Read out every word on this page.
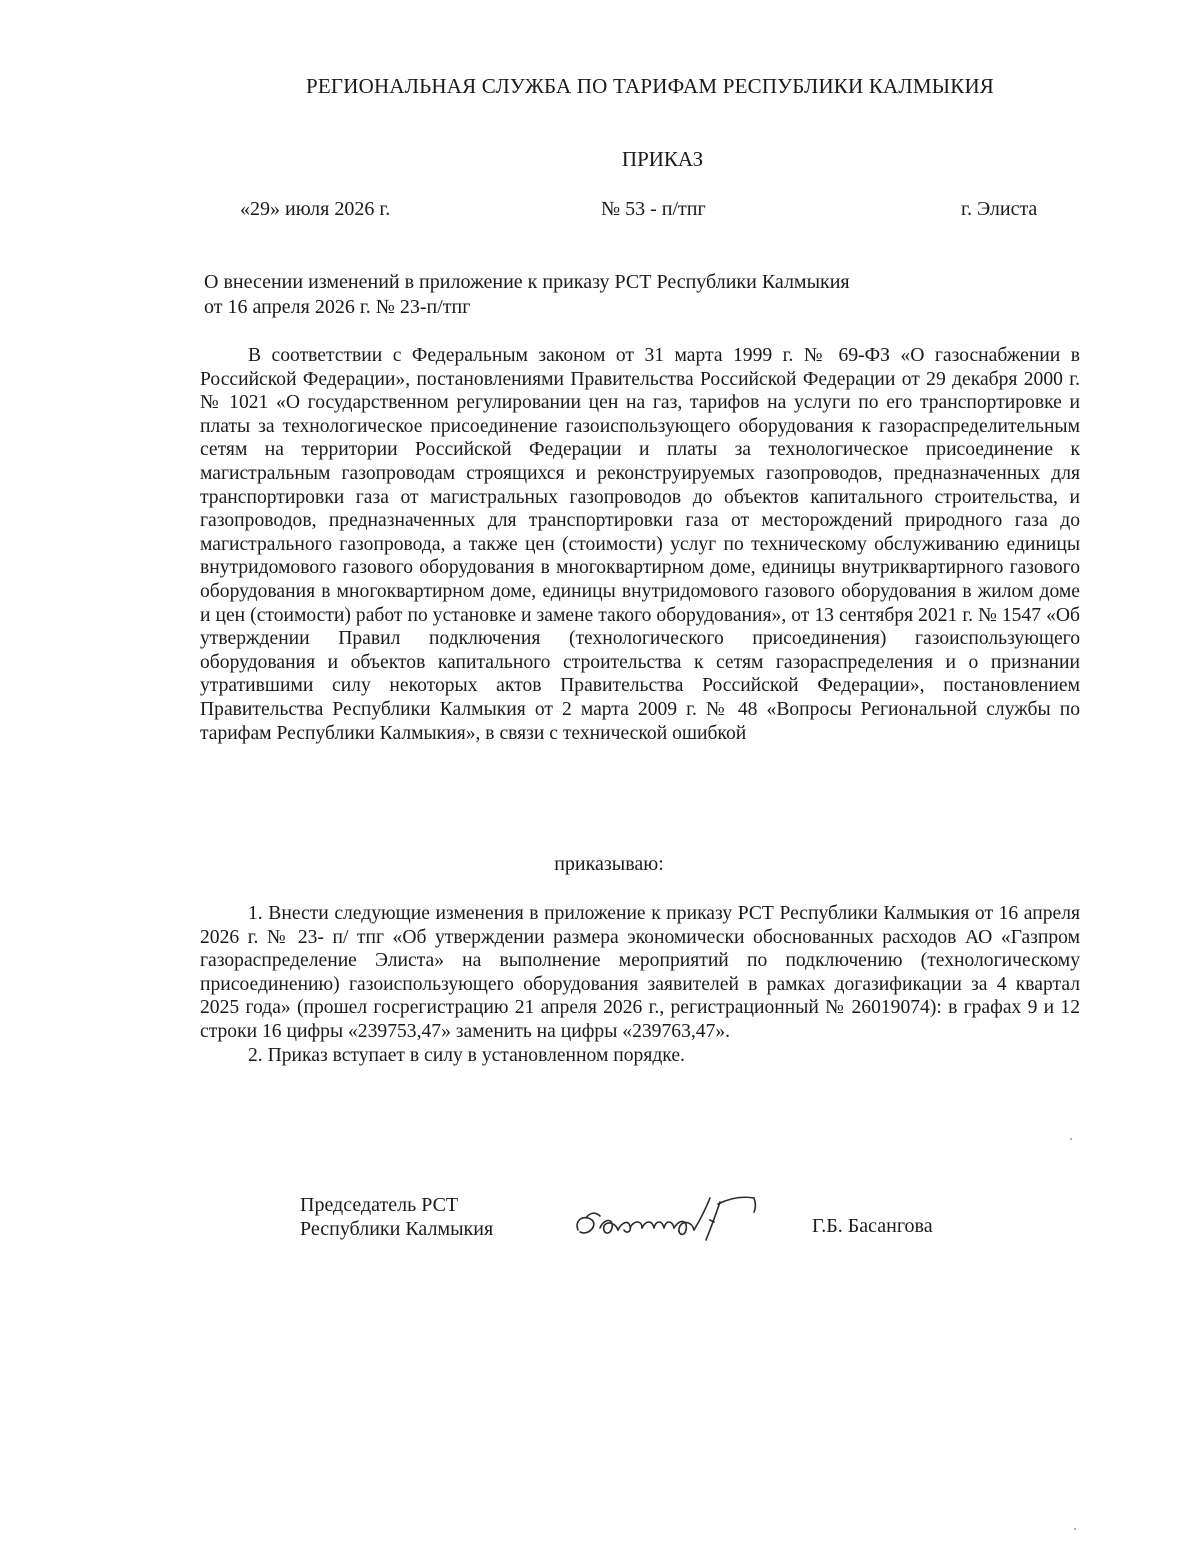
РЕГИОНАЛЬНАЯ СЛУЖБА ПО ТАРИФАМ РЕСПУБЛИКИ КАЛМЫКИЯ
ПРИКАЗ
«29» июля 2026 г.	№ 53 - п/тпг	г. Элиста
О внесении изменений в приложение к приказу РСТ Республики Калмыкия
от 16 апреля 2026 г. № 23-п/тпг

В соответствии с Федеральным законом от 31 марта 1999 г. № 69-ФЗ «О газоснабжении в Российской Федерации», постановлениями Правительства Российской Федерации от 29 декабря 2000 г. № 1021 «О государственном регулировании цен на газ, тарифов на услуги по его транспортировке и платы за технологическое присоединение газоиспользующего оборудования к газораспределительным сетям на территории Российской Федерации и платы за технологическое присоединение к магистральным газопроводам строящихся и реконструируемых газопроводов, предназначенных для транспортировки газа от магистральных газопроводов до объектов капитального строительства, и газопроводов, предназначенных для транспортировки газа от месторождений природного газа до магистрального газопровода, а также цен (стоимости) услуг по техническому обслуживанию единицы внутридомового газового оборудования в многоквартирном доме, единицы внутриквартирного газового оборудования в многоквартирном доме, единицы внутридомового газового оборудования в жилом доме и цен (стоимости) работ по установке и замене такого оборудования», от 13 сентября 2021 г. № 1547 «Об утверждении Правил подключения (технологического присоединения) газоиспользующего оборудования и объектов капитального строительства к сетям газораспределения и о признании утратившими силу некоторых актов Правительства Российской Федерации», постановлением Правительства Республики Калмыкия от 2 марта 2009 г. № 48 «Вопросы Региональной службы по тарифам Республики Калмыкия», в связи с технической ошибкой

приказываю:

1. Внести следующие изменения в приложение к приказу РСТ Республики Калмыкия от 16 апреля 2026 г. № 23- п/ тпг «Об утверждении размера экономически обоснованных расходов АО «Газпром газораспределение Элиста» на выполнение мероприятий по подключению (технологическому присоединению) газоиспользующего оборудования заявителей в рамках догазификации за 4 квартал 2025 года» (прошел госрегистрацию 21 апреля 2026 г., регистрационный № 26019074): в графах 9 и 12 строки 16 цифры «239753,47» заменить на цифры «239763,47».

2. Приказ вступает в силу в установленном порядке.

Председатель РСТ
Республики Калмыкия	Г.Б. Басангова
